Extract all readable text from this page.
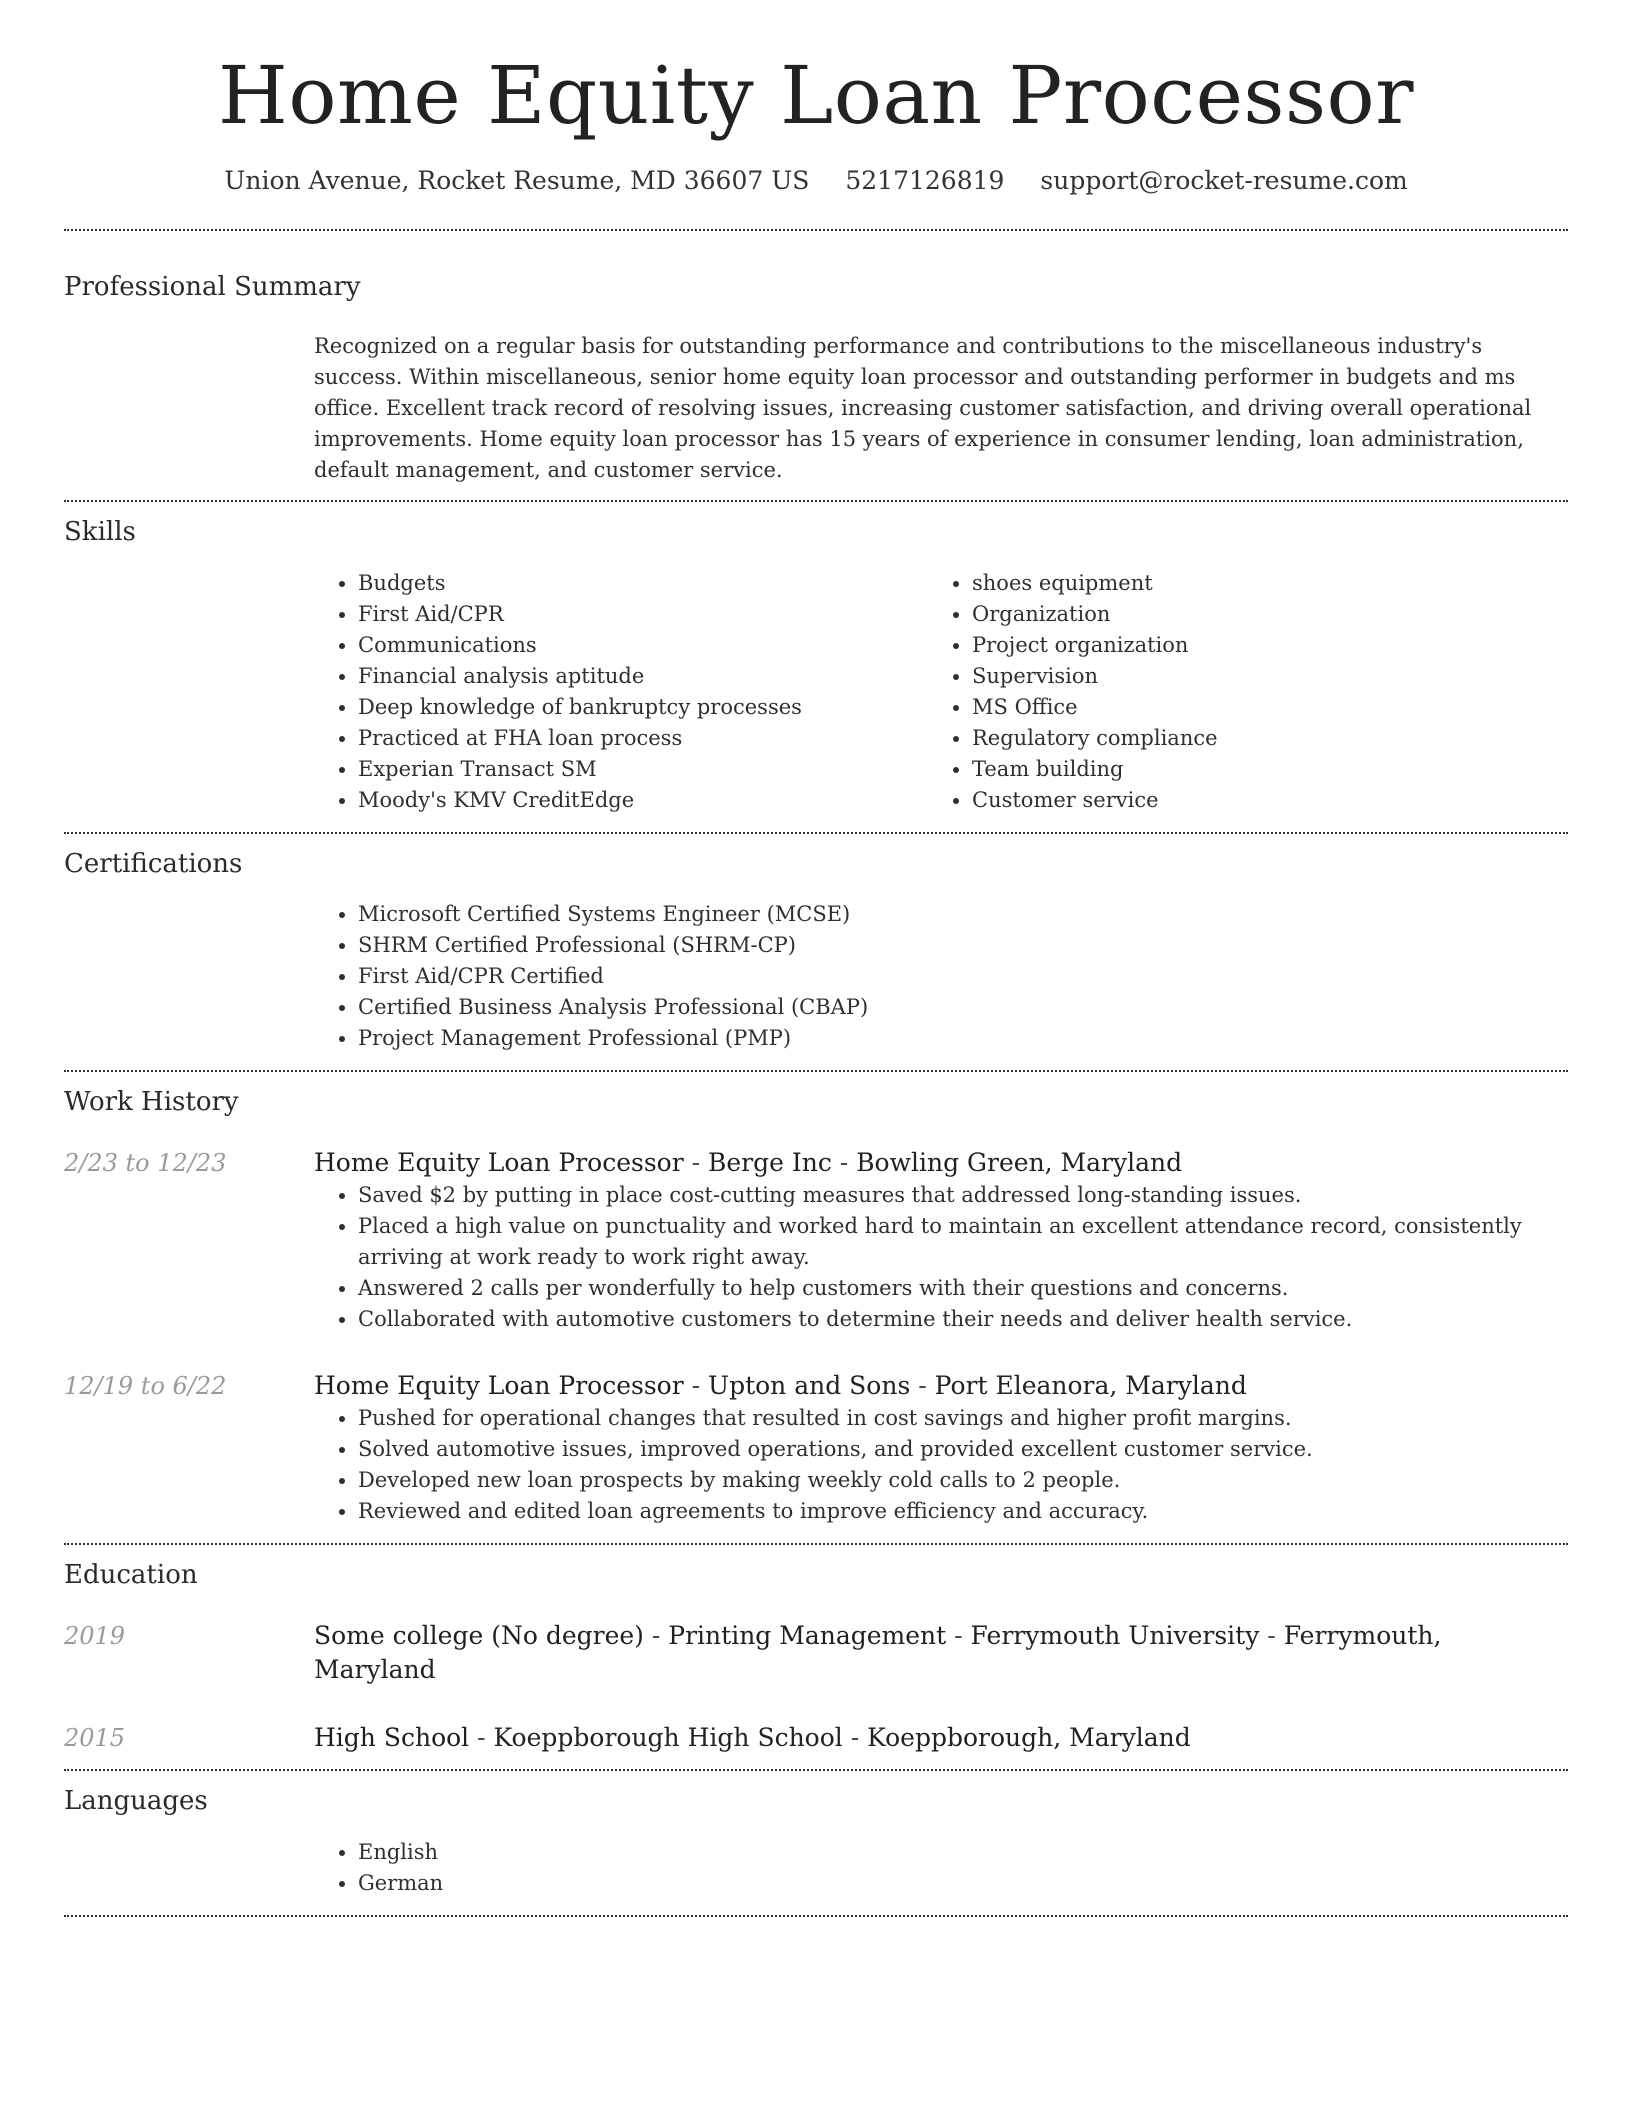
Home Equity Loan Processor
Union Avenue, Rocket Resume, MD 36607 US 5217126819 support@rocket-resume.com
Professional Summary

Recognized on a regular basis for outstanding performance and contributions to the miscellaneous industry's success. Within miscellaneous, senior home equity loan processor and outstanding performer in budgets and ms office. Excellent track record of resolving issues, increasing customer satisfaction, and driving overall operational improvements. Home equity loan processor has 15 years of experience in consumer lending, loan administration, default management, and customer service.

Skills
• Budgets
• First Aid/CPR
• Communications
• Financial analysis aptitude
• Deep knowledge of bankruptcy processes
• Practiced at FHA loan process
• Experian Transact SM
• Moody's KMV CreditEdge
• shoes equipment
• Organization
• Project organization
• Supervision
• MS Office
• Regulatory compliance
• Team building
• Customer service
Certifications
• Microsoft Certified Systems Engineer (MCSE)
• SHRM Certified Professional (SHRM-CP)
• First Aid/CPR Certified
• Certified Business Analysis Professional (CBAP)
• Project Management Professional (PMP)
Work History
2/23 to 12/23	Home Equity Loan Processor - Berge Inc - Bowling Green, Maryland
• Saved $2 by putting in place cost-cutting measures that addressed long-standing issues.
• Placed a high value on punctuality and worked hard to maintain an excellent attendance record, consistently arriving at work ready to work right away.
• Answered 2 calls per wonderfully to help customers with their questions and concerns.
• Collaborated with automotive customers to determine their needs and deliver health service.
12/19 to 6/22	Home Equity Loan Processor - Upton and Sons - Port Eleanora, Maryland
• Pushed for operational changes that resulted in cost savings and higher profit margins.
• Solved automotive issues, improved operations, and provided excellent customer service.
• Developed new loan prospects by making weekly cold calls to 2 people.
• Reviewed and edited loan agreements to improve efficiency and accuracy.
Education
2019	Some college (No degree) - Printing Management - Ferrymouth University - Ferrymouth, Maryland
2015	High School - Koeppborough High School - Koeppborough, Maryland
Languages
• English
• German
